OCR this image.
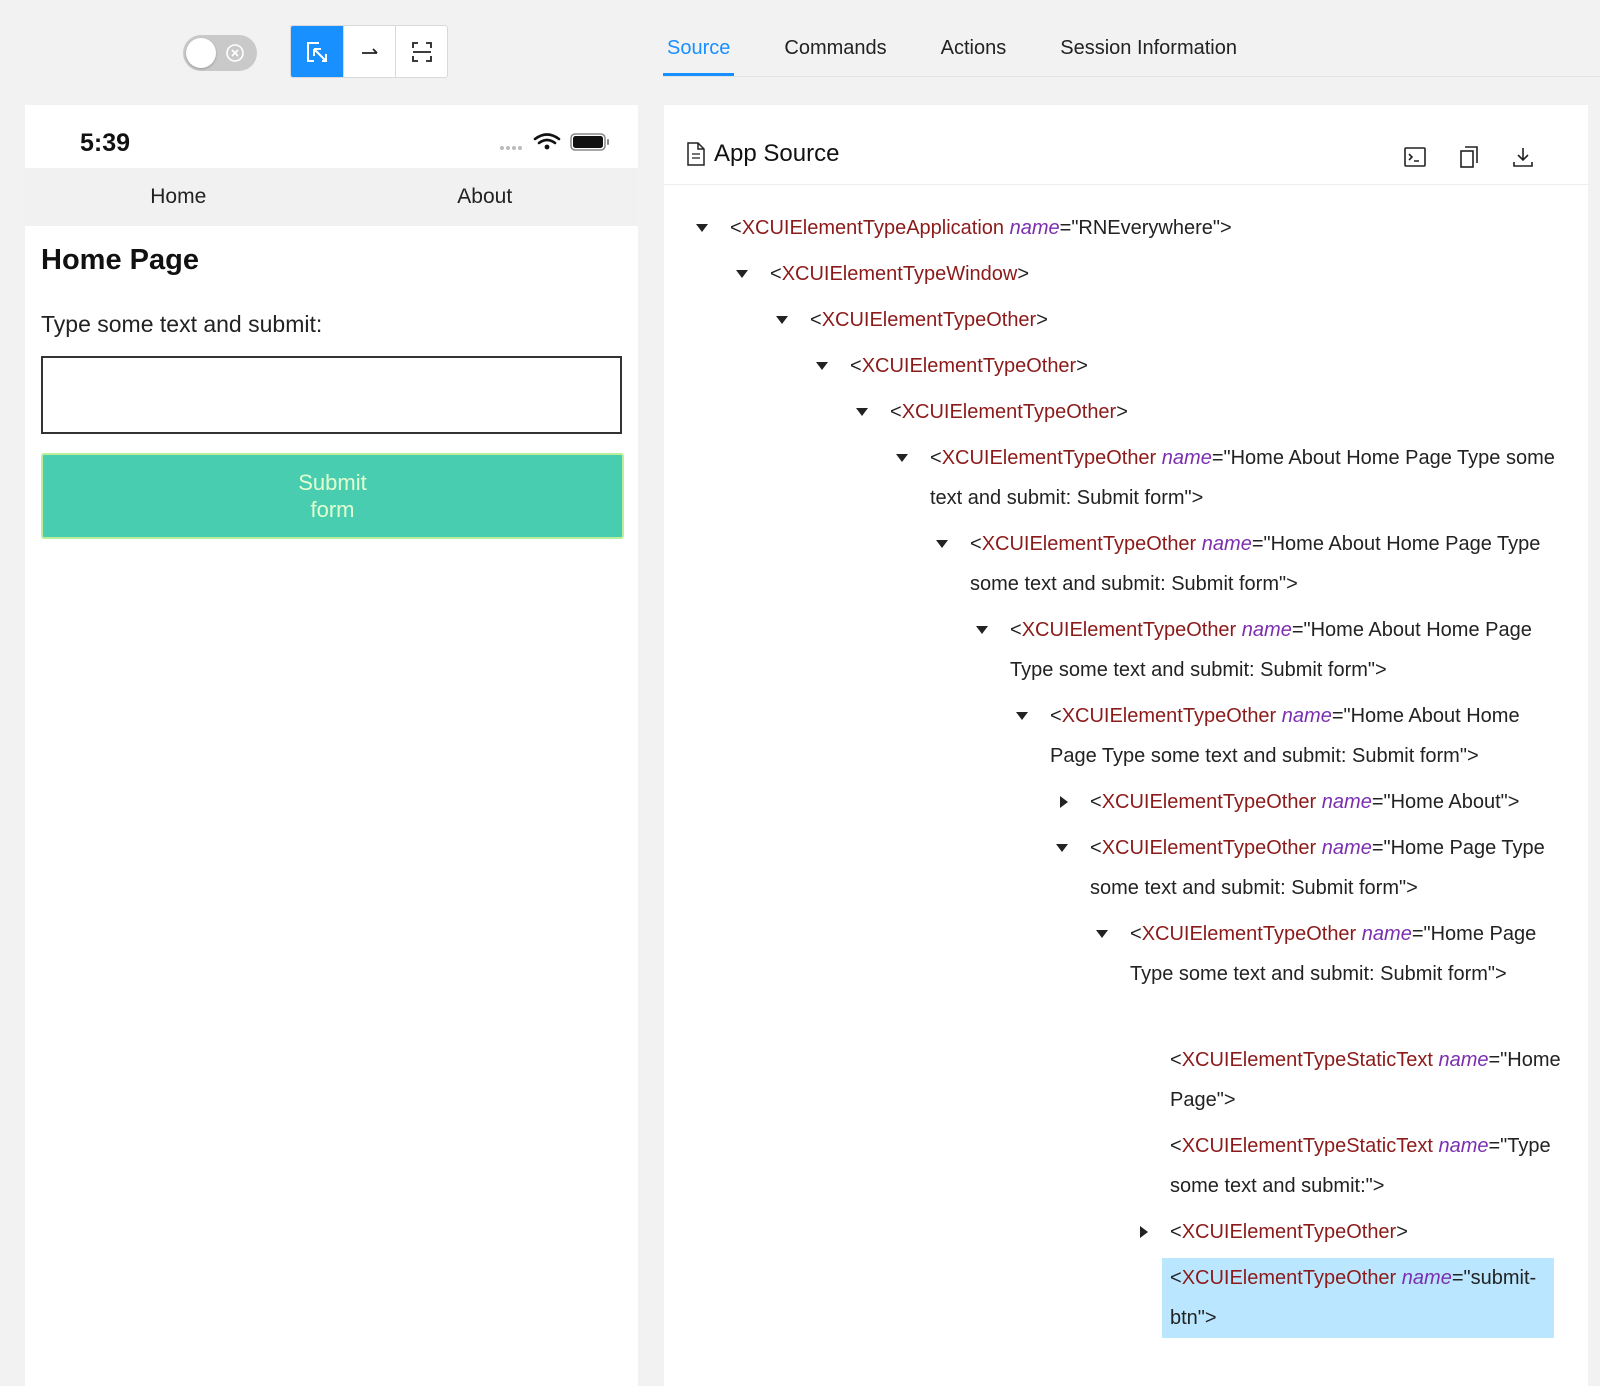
Source	Commands	Actions	Session Information
5:39
Home	About
Home Page
Type some text and submit:
Submit
form
App Source
<XCUIElementTypeApplication name="RNEverywhere">
<XCUIElementTypeWindow>
<XCUIElementTypeOther>
<XCUIElementTypeOther>
<XCUIElementTypeOther>
<XCUIElementTypeOther name="Home About Home Page Type some text and submit: Submit form">
<XCUIElementTypeOther name="Home About Home Page Type some text and submit: Submit form">
<XCUIElementTypeOther name="Home About Home Page Type some text and submit: Submit form">
<XCUIElementTypeOther name="Home About Home Page Type some text and submit: Submit form">
<XCUIElementTypeOther name="Home About">
<XCUIElementTypeOther name="Home Page Type some text and submit: Submit form">
<XCUIElementTypeOther name="Home Page Type some text and submit: Submit form">
<XCUIElementTypeStaticText name="Home Page">
<XCUIElementTypeStaticText name="Type some text and submit:">
<XCUIElementTypeOther>
<XCUIElementTypeOther name="submit-btn">
